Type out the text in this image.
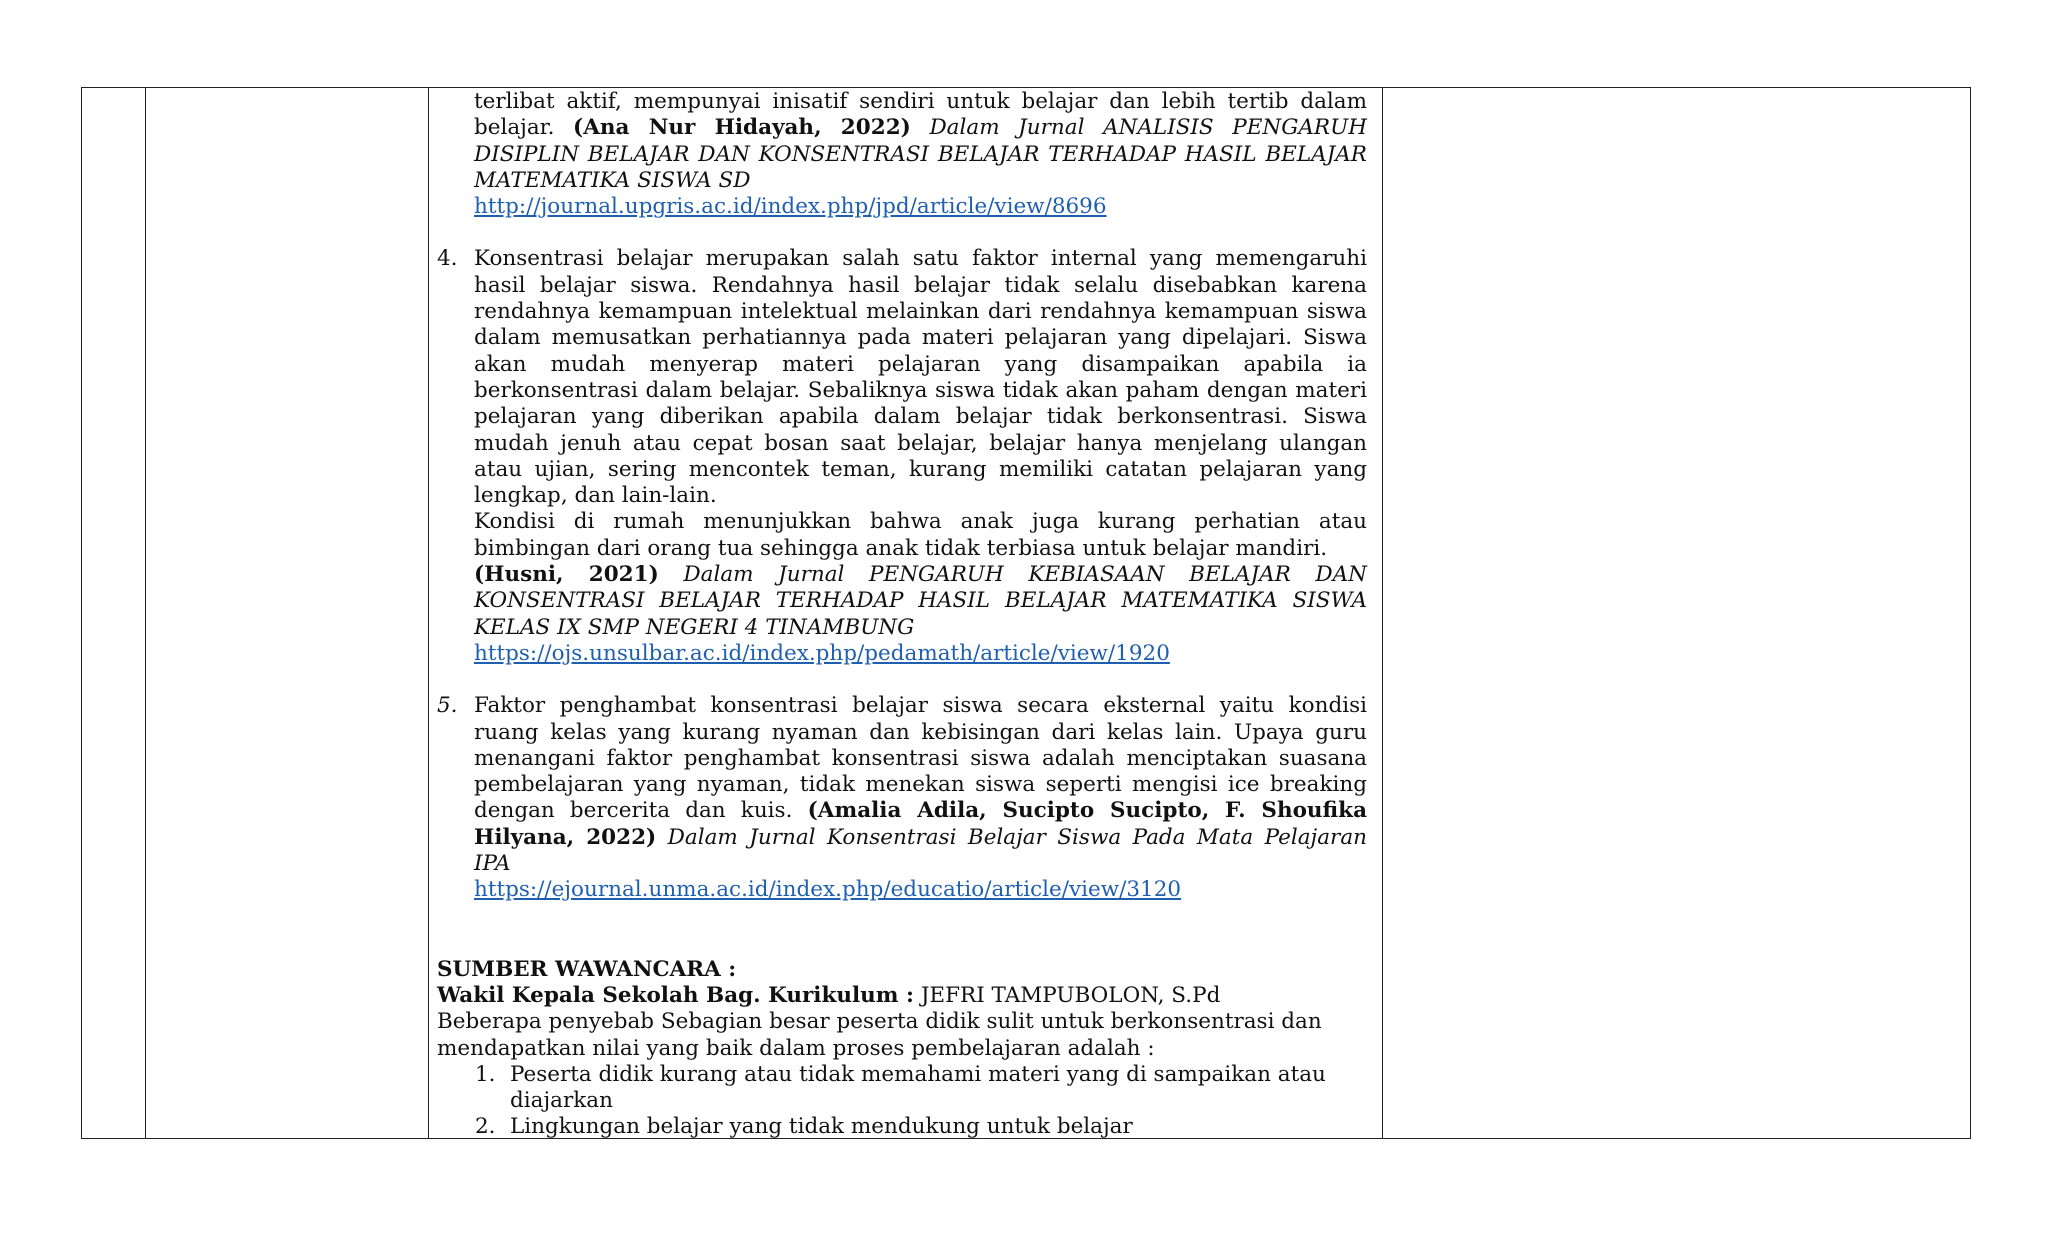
terlibat aktif, mempunyai inisatif sendiri untuk belajar dan lebih tertib dalam belajar. (Ana Nur Hidayah, 2022) Dalam Jurnal ANALISIS PENGARUH DISIPLIN BELAJAR DAN KONSENTRASI BELAJAR TERHADAP HASIL BELAJAR MATEMATIKA SISWA SD
http://journal.upgris.ac.id/index.php/jpd/article/view/8696
4. Konsentrasi belajar merupakan salah satu faktor internal yang memengaruhi hasil belajar siswa. Rendahnya hasil belajar tidak selalu disebabkan karena rendahnya kemampuan intelektual melainkan dari rendahnya kemampuan siswa dalam memusatkan perhatiannya pada materi pelajaran yang dipelajari. Siswa akan mudah menyerap materi pelajaran yang disampaikan apabila ia berkonsentrasi dalam belajar. Sebaliknya siswa tidak akan paham dengan materi pelajaran yang diberikan apabila dalam belajar tidak berkonsentrasi. Siswa mudah jenuh atau cepat bosan saat belajar, belajar hanya menjelang ulangan atau ujian, sering mencontek teman, kurang memiliki catatan pelajaran yang lengkap, dan lain-lain.
Kondisi di rumah menunjukkan bahwa anak juga kurang perhatian atau bimbingan dari orang tua sehingga anak tidak terbiasa untuk belajar mandiri.
(Husni, 2021) Dalam Jurnal PENGARUH KEBIASAAN BELAJAR DAN KONSENTRASI BELAJAR TERHADAP HASIL BELAJAR MATEMATIKA SISWA KELAS IX SMP NEGERI 4 TINAMBUNG
https://ojs.unsulbar.ac.id/index.php/pedamath/article/view/1920
5. Faktor penghambat konsentrasi belajar siswa secara eksternal yaitu kondisi ruang kelas yang kurang nyaman dan kebisingan dari kelas lain. Upaya guru menangani faktor penghambat konsentrasi siswa adalah menciptakan suasana pembelajaran yang nyaman, tidak menekan siswa seperti mengisi ice breaking dengan bercerita dan kuis. (Amalia Adila, Sucipto Sucipto, F. Shoufika Hilyana, 2022) Dalam Jurnal Konsentrasi Belajar Siswa Pada Mata Pelajaran IPA
https://ejournal.unma.ac.id/index.php/educatio/article/view/3120
SUMBER WAWANCARA :
Wakil Kepala Sekolah Bag. Kurikulum : JEFRI TAMPUBOLON, S.Pd
Beberapa penyebab Sebagian besar peserta didik sulit untuk berkonsentrasi dan mendapatkan nilai yang baik dalam proses pembelajaran adalah :
1. Peserta didik kurang atau tidak memahami materi yang di sampaikan atau diajarkan
2. Lingkungan belajar yang tidak mendukung untuk belajar
